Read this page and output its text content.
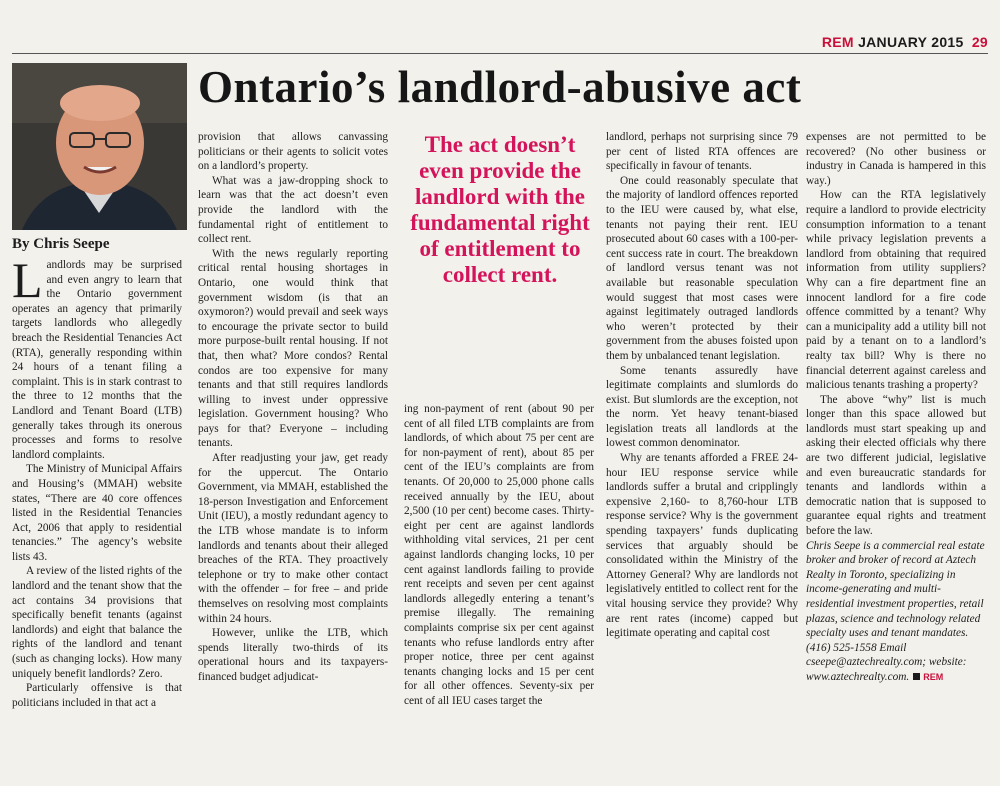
REM JANUARY 2015 29
Ontario’s landlord-abusive act
By Chris Seepe

Landlords may be surprised and even angry to learn that the Ontario government operates an agency that primarily targets landlords who allegedly breach the Residential Tenancies Act (RTA), generally responding within 24 hours of a tenant filing a complaint. This is in stark contrast to the three to 12 months that the Landlord and Tenant Board (LTB) generally takes through its onerous processes and forms to resolve landlord complaints.

The Ministry of Municipal Affairs and Housing’s (MMAH) website states, “There are 40 core offences listed in the Residential Tenancies Act, 2006 that apply to residential tenancies.” The agency’s website lists 43.

A review of the listed rights of the landlord and the tenant show that the act contains 34 provisions that specifically benefit tenants (against landlords) and eight that balance the rights of the landlord and tenant (such as changing locks). How many uniquely benefit landlords? Zero.

Particularly offensive is that politicians included in that act a

provision that allows canvassing politicians or their agents to solicit votes on a landlord’s property.

What was a jaw-dropping shock to learn was that the act doesn’t even provide the landlord with the fundamental right of entitlement to collect rent.

With the news regularly reporting critical rental housing shortages in Ontario, one would think that government wisdom (is that an oxymoron?) would prevail and seek ways to encourage the private sector to build more purpose-built rental housing. If not that, then what? More condos? Rental condos are too expensive for many tenants and that still requires landlords willing to invest under oppressive legislation. Government housing? Who pays for that? Everyone – including tenants.

After readjusting your jaw, get ready for the uppercut. The Ontario Government, via MMAH, established the 18-person Investigation and Enforcement Unit (IEU), a mostly redundant agency to the LTB whose mandate is to inform landlords and tenants about their alleged breaches of the RTA. They proactively telephone or try to make other contact with the offender – for free – and pride themselves on resolving most complaints within 24 hours.

However, unlike the LTB, which spends literally two-thirds of its operational hours and its taxpayers-financed budget adjudicat-

The act doesn’t even provide the landlord with the fundamental right of entitlement to collect rent.

ing non-payment of rent (about 90 per cent of all filed LTB complaints are from landlords, of which about 75 per cent are for non-payment of rent), about 85 per cent of the IEU’s complaints are from tenants. Of 20,000 to 25,000 phone calls received annually by the IEU, about 2,500 (10 per cent) become cases. Thirty-eight per cent are against landlords withholding vital services, 21 per cent against landlords changing locks, 10 per cent against landlords failing to provide rent receipts and seven per cent against landlords allegedly entering a tenant’s premise illegally. The remaining complaints comprise six per cent against tenants who refuse landlords entry after proper notice, three per cent against tenants changing locks and 15 per cent for all other offences. Seventy-six per cent of all IEU cases target the

landlord, perhaps not surprising since 79 per cent of listed RTA offences are specifically in favour of tenants.

One could reasonably speculate that the majority of landlord offences reported to the IEU were caused by, what else, tenants not paying their rent. IEU prosecuted about 60 cases with a 100-per-cent success rate in court. The breakdown of landlord versus tenant was not available but reasonable speculation would suggest that most cases were against legitimately outraged landlords who weren’t protected by their government from the abuses foisted upon them by unbalanced tenant legislation.

Some tenants assuredly have legitimate complaints and slumlords do exist. But slumlords are the exception, not the norm. Yet heavy tenant-biased legislation treats all landlords at the lowest common denominator.

Why are tenants afforded a FREE 24-hour IEU response service while landlords suffer a brutal and cripplingly expensive 2,160- to 8,760-hour LTB response service? Why is the government spending taxpayers’ funds duplicating services that arguably should be consolidated within the Ministry of the Attorney General? Why are landlords not legislatively entitled to collect rent for the vital housing service they provide? Why are rent rates (income) capped but legitimate operating and capital cost

expenses are not permitted to be recovered? (No other business or industry in Canada is hampered in this way.)

How can the RTA legislatively require a landlord to provide electricity consumption information to a tenant while privacy legislation prevents a landlord from obtaining that required information from utility suppliers? Why can a fire department fine an innocent landlord for a fire code offence committed by a tenant? Why can a municipality add a utility bill not paid by a tenant on to a landlord’s realty tax bill? Why is there no financial deterrent against careless and malicious tenants trashing a property?

The above “why” list is much longer than this space allowed but landlords must start speaking up and asking their elected officials why there are two different judicial, legislative and even bureaucratic standards for tenants and landlords within a democratic nation that is supposed to guarantee equal rights and treatment before the law.

Chris Seepe is a commercial real estate broker and broker of record at Aztech Realty in Toronto, specializing in income-generating and multi-residential investment properties, retail plazas, science and technology related specialty uses and tenant mandates. (416) 525-1558 Email cseepe@aztechrealty.com; website: www.aztechrealty.com. REM
